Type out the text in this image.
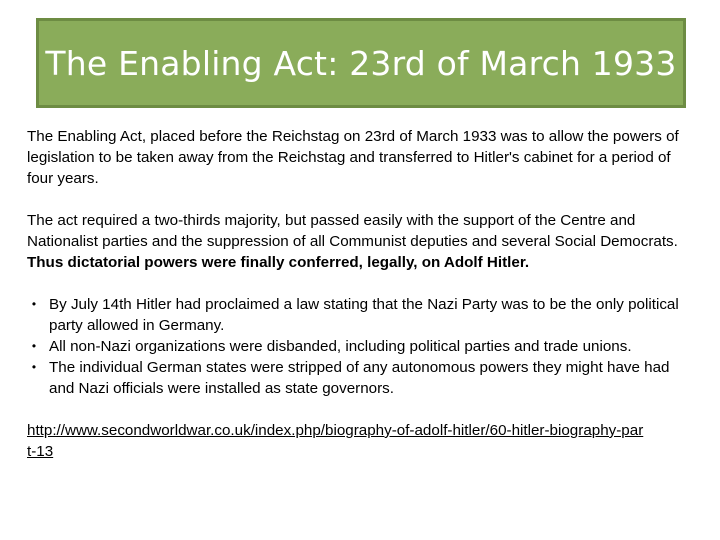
The Enabling Act: 23rd of March 1933

The Enabling Act, placed before the Reichstag on 23rd of March 1933 was to allow the powers of legislation to be taken away from the Reichstag and transferred to Hitler's cabinet for a period of four years.

The act required a two-thirds majority, but passed easily with the support of the Centre and Nationalist parties and the suppression of all Communist deputies and several Social Democrats. Thus dictatorial powers were finally conferred, legally, on Adolf Hitler.

• By July 14th Hitler had proclaimed a law stating that the Nazi Party was to be the only political party allowed in Germany.
• All non-Nazi organizations were disbanded, including political parties and trade unions.
• The individual German states were stripped of any autonomous powers they might have had and Nazi officials were installed as state governors.
http://www.secondworldwar.co.uk/index.php/biography-of-adolf-hitler/60-hitler-biography-part-13
